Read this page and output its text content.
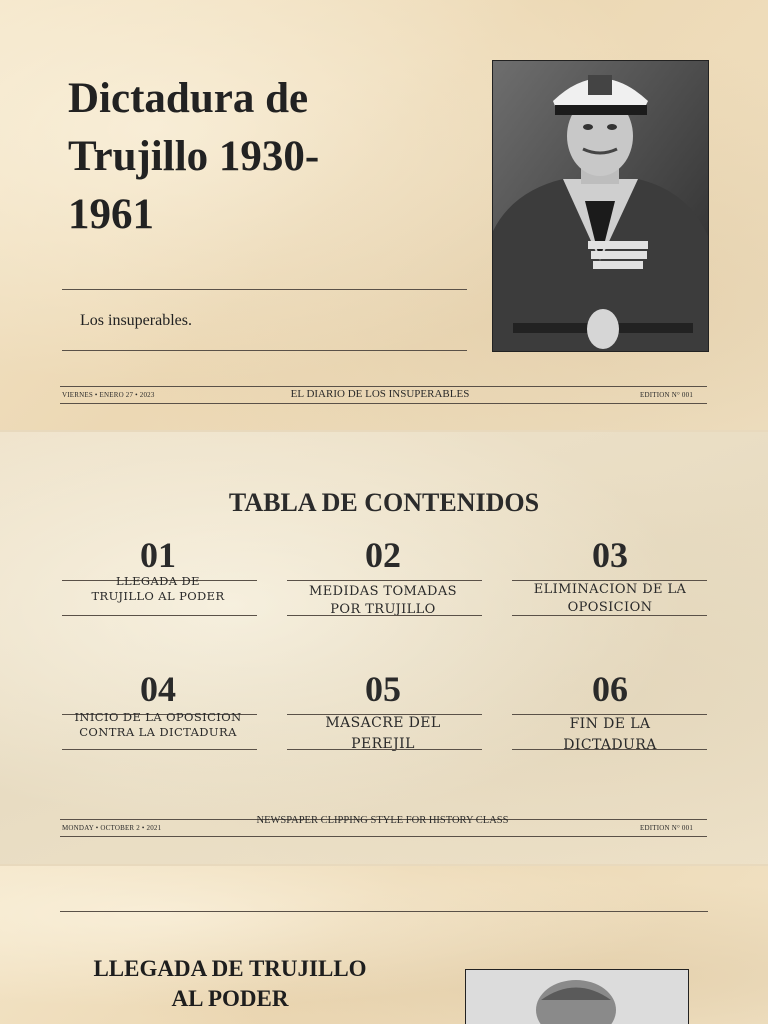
Dictadura de Trujillo 1930-1961
Los insuperables.
VIERNES • ENERO 27 • 2023	EL DIARIO DE LOS INSUPERABLES	EDITION N° 001
TABLA DE CONTENIDOS
01
LLEGADA DE TRUJILLO AL PODER
02
MEDIDAS TOMADAS POR TRUJILLO
03
ELIMINACION DE LA OPOSICION
04
INICIO DE LA OPOSICION CONTRA LA DICTADURA
05
MASACRE DEL PEREJIL
06
FIN DE LA DICTADURA
MONDAY • OCTOBER 2 • 2021
NEWSPAPER CLIPPING STYLE FOR HISTORY CLASS
EDITION N° 001
LLEGADA DE TRUJILLO AL PODER
